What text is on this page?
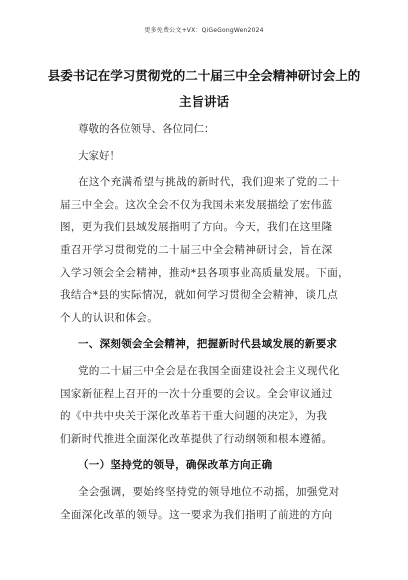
更多免费公文+VX：QiGeGongWen2024
县委书记在学习贯彻党的二十届三中全会精神研讨会上的
主旨讲话

尊敬的各位领导、各位同仁：

大家好！

在这个充满希望与挑战的新时代，我们迎来了党的二十
届三中全会。这次全会不仅为我国未来发展描绘了宏伟蓝
图，更为我们县域发展指明了方向。今天，我们在这里隆
重召开学习贯彻党的二十届三中全会精神研讨会，旨在深
入学习领会全会精神，推动*县各项事业高质量发展。下面，
我结合*县的实际情况，就如何学习贯彻全会精神，谈几点
个人的认识和体会。

一、深刻领会全会精神，把握新时代县域发展的新要求

党的二十届三中全会是在我国全面建设社会主义现代化
国家新征程上召开的一次十分重要的会议。全会审议通过
的《中共中央关于深化改革若干重大问题的决定》，为我
们新时代推进全面深化改革提供了行动纲领和根本遵循。

（一）坚持党的领导，确保改革方向正确

全会强调，要始终坚持党的领导地位不动摇，加强党对
全面深化改革的领导。这一要求为我们指明了前进的方向
